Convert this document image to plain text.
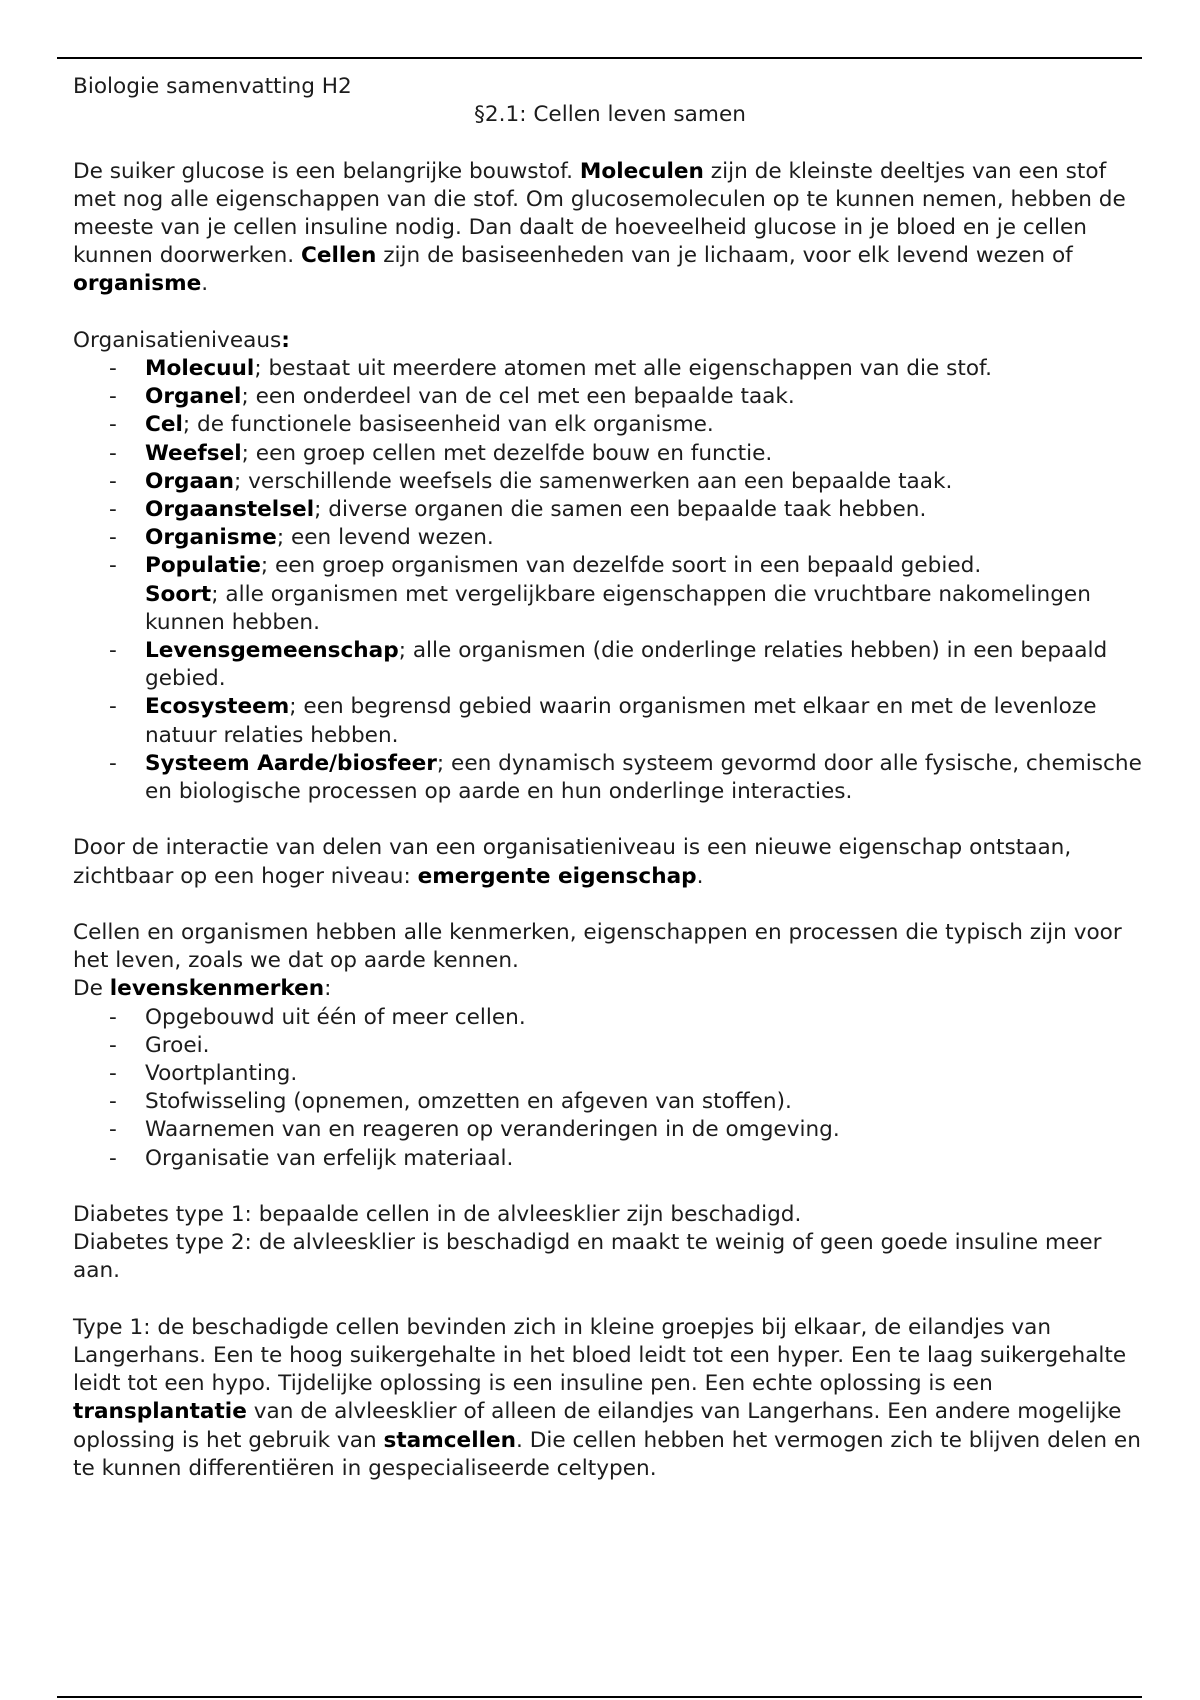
Biologie samenvatting H2

§2.1: Cellen leven samen

De suiker glucose is een belangrijke bouwstof. Moleculen zijn de kleinste deeltjes van een stof met nog alle eigenschappen van die stof. Om glucosemoleculen op te kunnen nemen, hebben de meeste van je cellen insuline nodig. Dan daalt de hoeveelheid glucose in je bloed en je cellen kunnen doorwerken. Cellen zijn de basiseenheden van je lichaam, voor elk levend wezen of organisme.

Organisatieniveaus:

- Molecuul; bestaat uit meerdere atomen met alle eigenschappen van die stof.
- Organel; een onderdeel van de cel met een bepaalde taak.
- Cel; de functionele basiseenheid van elk organisme.
- Weefsel; een groep cellen met dezelfde bouw en functie.
- Orgaan; verschillende weefsels die samenwerken aan een bepaalde taak.
- Orgaanstelsel; diverse organen die samen een bepaalde taak hebben.
- Organisme; een levend wezen.
- Populatie; een groep organismen van dezelfde soort in een bepaald gebied.
Soort; alle organismen met vergelijkbare eigenschappen die vruchtbare nakomelingen kunnen hebben.
- Levensgemeenschap; alle organismen (die onderlinge relaties hebben) in een bepaald gebied.
- Ecosysteem; een begrensd gebied waarin organismen met elkaar en met de levenloze natuur relaties hebben.
- Systeem Aarde/biosfeer; een dynamisch systeem gevormd door alle fysische, chemische en biologische processen op aarde en hun onderlinge interacties.

Door de interactie van delen van een organisatieniveau is een nieuwe eigenschap ontstaan, zichtbaar op een hoger niveau: emergente eigenschap.

Cellen en organismen hebben alle kenmerken, eigenschappen en processen die typisch zijn voor het leven, zoals we dat op aarde kennen.

De levenskenmerken:

- Opgebouwd uit één of meer cellen.
- Groei.
- Voortplanting.
- Stofwisseling (opnemen, omzetten en afgeven van stoffen).
- Waarnemen van en reageren op veranderingen in de omgeving.
- Organisatie van erfelijk materiaal.

Diabetes type 1: bepaalde cellen in de alvleesklier zijn beschadigd.

Diabetes type 2: de alvleesklier is beschadigd en maakt te weinig of geen goede insuline meer aan.

Type 1: de beschadigde cellen bevinden zich in kleine groepjes bij elkaar, de eilandjes van Langerhans. Een te hoog suikergehalte in het bloed leidt tot een hyper. Een te laag suikergehalte leidt tot een hypo. Tijdelijke oplossing is een insuline pen. Een echte oplossing is een transplantatie van de alvleesklier of alleen de eilandjes van Langerhans. Een andere mogelijke oplossing is het gebruik van stamcellen. Die cellen hebben het vermogen zich te blijven delen en te kunnen differentiëren in gespecialiseerde celtypen.
